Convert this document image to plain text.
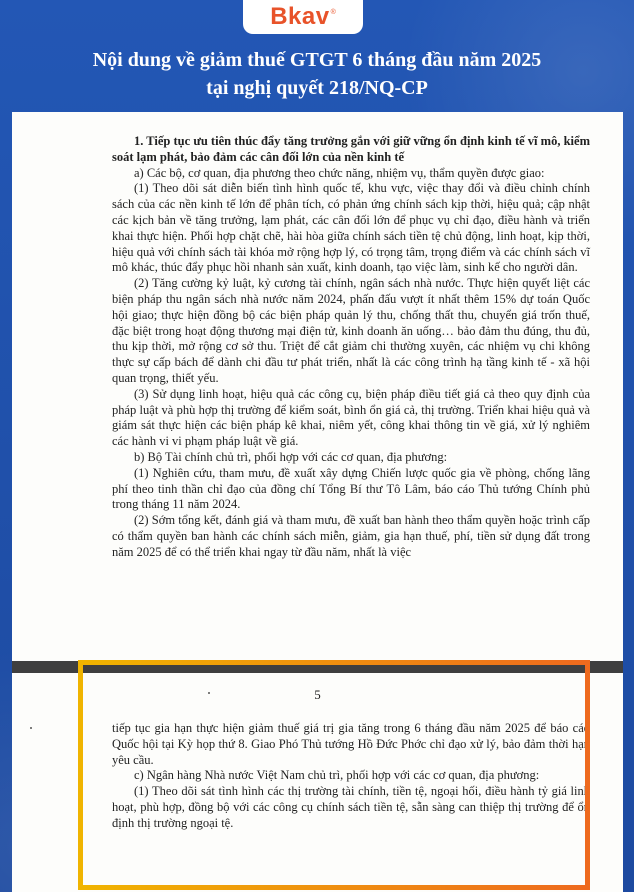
Bkav ®
Nội dung về giảm thuế GTGT 6 tháng đầu năm 2025
tại nghị quyết 218/NQ-CP

1. Tiếp tục ưu tiên thúc đẩy tăng trưởng gắn với giữ vững ổn định kinh tế vĩ mô, kiểm soát lạm phát, bảo đảm các cân đối lớn của nền kinh tế

a) Các bộ, cơ quan, địa phương theo chức năng, nhiệm vụ, thẩm quyền được giao:

(1) Theo dõi sát diễn biến tình hình quốc tế, khu vực, việc thay đổi và điều chỉnh chính sách của các nền kinh tế lớn để phân tích, có phản ứng chính sách kịp thời, hiệu quả; cập nhật các kịch bản về tăng trưởng, lạm phát, các cân đối lớn để phục vụ chỉ đạo, điều hành và triển khai thực hiện. Phối hợp chặt chẽ, hài hòa giữa chính sách tiền tệ chủ động, linh hoạt, kịp thời, hiệu quả với chính sách tài khóa mở rộng hợp lý, có trọng tâm, trọng điểm và các chính sách vĩ mô khác, thúc đẩy phục hồi nhanh sản xuất, kinh doanh, tạo việc làm, sinh kế cho người dân.

(2) Tăng cường kỷ luật, kỷ cương tài chính, ngân sách nhà nước. Thực hiện quyết liệt các biện pháp thu ngân sách nhà nước năm 2024, phấn đấu vượt ít nhất thêm 15% dự toán Quốc hội giao; thực hiện đồng bộ các biện pháp quản lý thu, chống thất thu, chuyển giá trốn thuế, đặc biệt trong hoạt động thương mại điện tử, kinh doanh ăn uống… bảo đảm thu đúng, thu đủ, thu kịp thời, mở rộng cơ sở thu. Triệt để cắt giảm chi thường xuyên, các nhiệm vụ chi không thực sự cấp bách để dành chi đầu tư phát triển, nhất là các công trình hạ tầng kinh tế - xã hội quan trọng, thiết yếu.

(3) Sử dụng linh hoạt, hiệu quả các công cụ, biện pháp điều tiết giá cả theo quy định của pháp luật và phù hợp thị trường để kiểm soát, bình ổn giá cả, thị trường. Triển khai hiệu quả và giám sát thực hiện các biện pháp kê khai, niêm yết, công khai thông tin về giá, xử lý nghiêm các hành vi vi phạm pháp luật về giá.

b) Bộ Tài chính chủ trì, phối hợp với các cơ quan, địa phương:

(1) Nghiên cứu, tham mưu, đề xuất xây dựng Chiến lược quốc gia về phòng, chống lãng phí theo tinh thần chỉ đạo của đồng chí Tổng Bí thư Tô Lâm, báo cáo Thủ tướng Chính phủ trong tháng 11 năm 2024.

(2) Sớm tổng kết, đánh giá và tham mưu, đề xuất ban hành theo thẩm quyền hoặc trình cấp có thẩm quyền ban hành các chính sách miễn, giảm, gia hạn thuế, phí, tiền sử dụng đất trong năm 2025 để có thể triển khai ngay từ đầu năm, nhất là việc

5

tiếp tục gia hạn thực hiện giảm thuế giá trị gia tăng trong 6 tháng đầu năm 2025 để báo cáo Quốc hội tại Kỳ họp thứ 8. Giao Phó Thủ tướng Hồ Đức Phớc chỉ đạo xử lý, bảo đảm thời hạn yêu cầu.

c) Ngân hàng Nhà nước Việt Nam chủ trì, phối hợp với các cơ quan, địa phương:

(1) Theo dõi sát tình hình các thị trường tài chính, tiền tệ, ngoại hối, điều hành tỷ giá linh hoạt, phù hợp, đồng bộ với các công cụ chính sách tiền tệ, sẵn sàng can thiệp thị trường để ổn định thị trường ngoại tệ.
